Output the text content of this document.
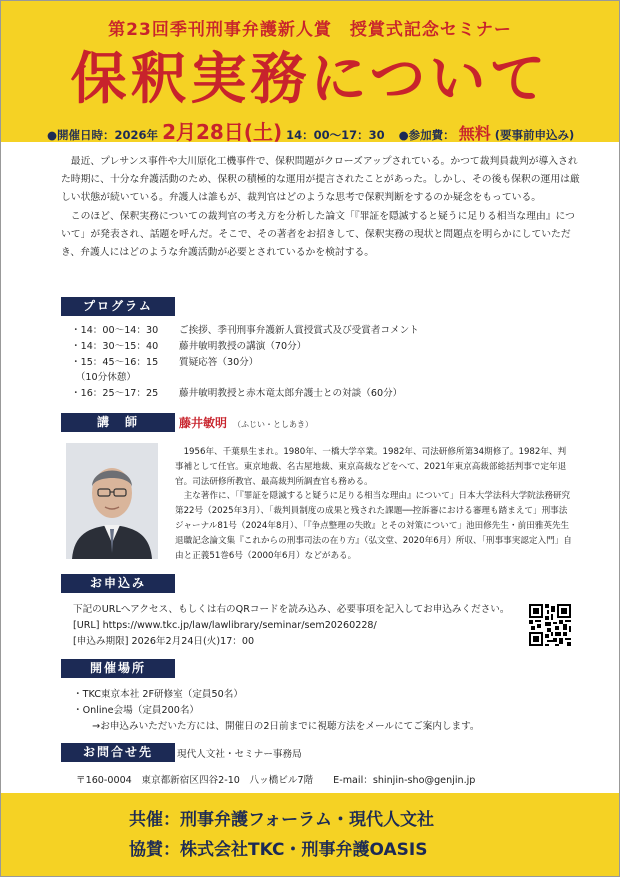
第23回季刊刑事弁護新人賞　授賞式記念セミナー
保釈実務について
●開催日時：2026年 2月28日(土) 14：00～17：30 ●参加費： 無料 (要事前申込み)

最近、プレサンス事件や大川原化工機事件で、保釈問題がクローズアップされている。かつて裁判員裁判が導入された時期に、十分な弁護活動のため、保釈の積極的な運用が提言されたことがあった。しかし、その後も保釈の運用は厳しい状態が続いている。弁護人は誰もが、裁判官はどのような思考で保釈判断をするのか疑念をもっている。

このほど、保釈実務についての裁判官の考え方を分析した論文「『罪証を隠滅すると疑うに足りる相当な理由』について」が発表され、話題を呼んだ。そこで、その著者をお招きして、保釈実務の現状と問題点を明らかにしていただき、弁護人にはどのような弁護活動が必要とされているかを検討する。

プログラム
・14：00～14：30	ご挨拶、季刊刑事弁護新人賞授賞式及び受賞者コメント
・14：30～15：40	藤井敏明教授の講演（70分）
・15：45～16：15	質疑応答（30分）
　（10分休憩）
・16：25～17：25	藤井敏明教授と赤木竜太郎弁護士との対談（60分）
講　師	藤井敏明 （ふじい・としあき）

1956年、千葉県生まれ。1980年、一橋大学卒業。1982年、司法研修所第34期修了。1982年、判事補として任官。東京地裁、名古屋地裁、東京高裁などをへて、2021年東京高裁部総括判事で定年退官。司法研修所教官、最高裁判所調査官も務める。

主な著作に、「『罪証を隠滅すると疑うに足りる相当な理由』について」日本大学法科大学院法務研究第22号（2025年3月）、「裁判員制度の成果と残された課題──控訴審における審理も踏まえて」刑事法ジャーナル81号（2024年8月）、「『争点整理の失敗』とその対策について」池田修先生・前田雅英先生退職記念論文集『これからの刑事司法の在り方』（弘文堂、2020年6月）所収、「刑事事実認定入門」自由と正義51巻6号（2000年6月）などがある。

お申込み
下記のURLへアクセス、もしくは右のQRコードを読み込み、必要事項を記入してお申込みください。
[URL] https://www.tkc.jp/law/lawlibrary/seminar/sem20260228/
[申込み期限] 2026年2月24日(火)17：00
開催場所
・TKC東京本社 2F研修室（定員50名）
・Online会場（定員200名）
　　→お申込みいただいた方には、開催日の2日前までに視聴方法をメールにてご案内します。
お問合せ先	現代人文社・セミナー事務局
〒160-0004　東京都新宿区四谷2-10　八ッ橋ビル7階 E-mail：shinjin-sho@genjin.jp
共催：刑事弁護フォーラム・現代人文社
協賛：株式会社TKC・刑事弁護OASIS
